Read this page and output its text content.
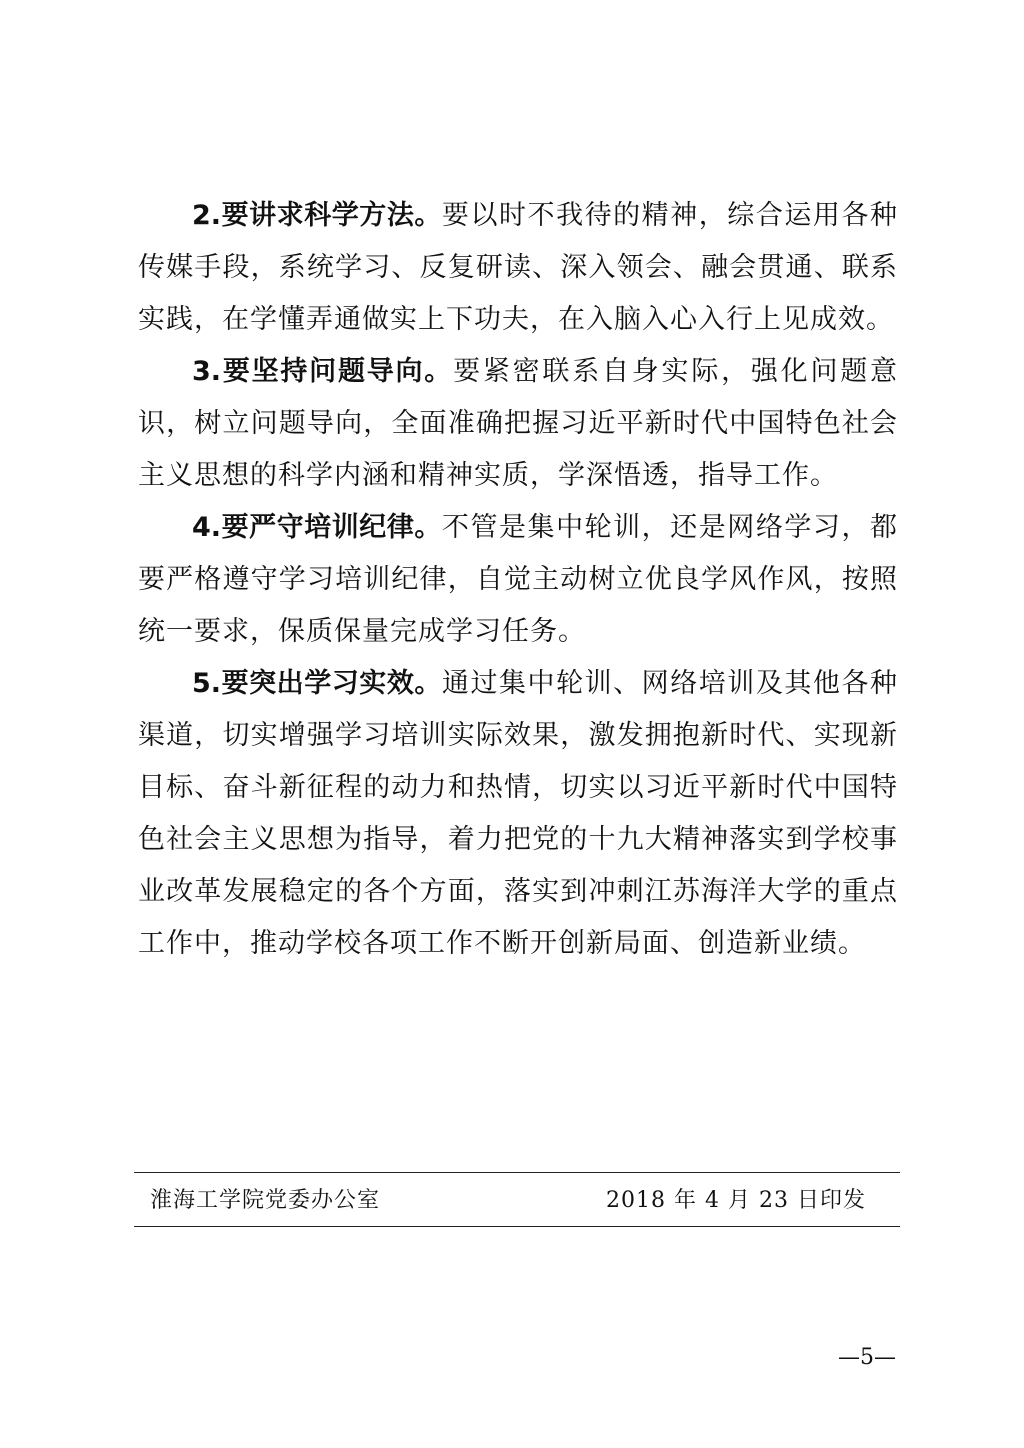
2.要讲求科学方法。要以时不我待的精神，综合运用各种传媒手段，系统学习、反复研读、深入领会、融会贯通、联系实践，在学懂弄通做实上下功夫，在入脑入心入行上见成效。

3.要坚持问题导向。要紧密联系自身实际，强化问题意识，树立问题导向，全面准确把握习近平新时代中国特色社会主义思想的科学内涵和精神实质，学深悟透，指导工作。

4.要严守培训纪律。不管是集中轮训，还是网络学习，都要严格遵守学习培训纪律，自觉主动树立优良学风作风，按照统一要求，保质保量完成学习任务。

5.要突出学习实效。通过集中轮训、网络培训及其他各种渠道，切实增强学习培训实际效果，激发拥抱新时代、实现新目标、奋斗新征程的动力和热情，切实以习近平新时代中国特色社会主义思想为指导，着力把党的十九大精神落实到学校事业改革发展稳定的各个方面，落实到冲刺江苏海洋大学的重点工作中，推动学校各项工作不断开创新局面、创造新业绩。

淮海工学院党委办公室	2018 年 4 月 23 日印发
—5—
